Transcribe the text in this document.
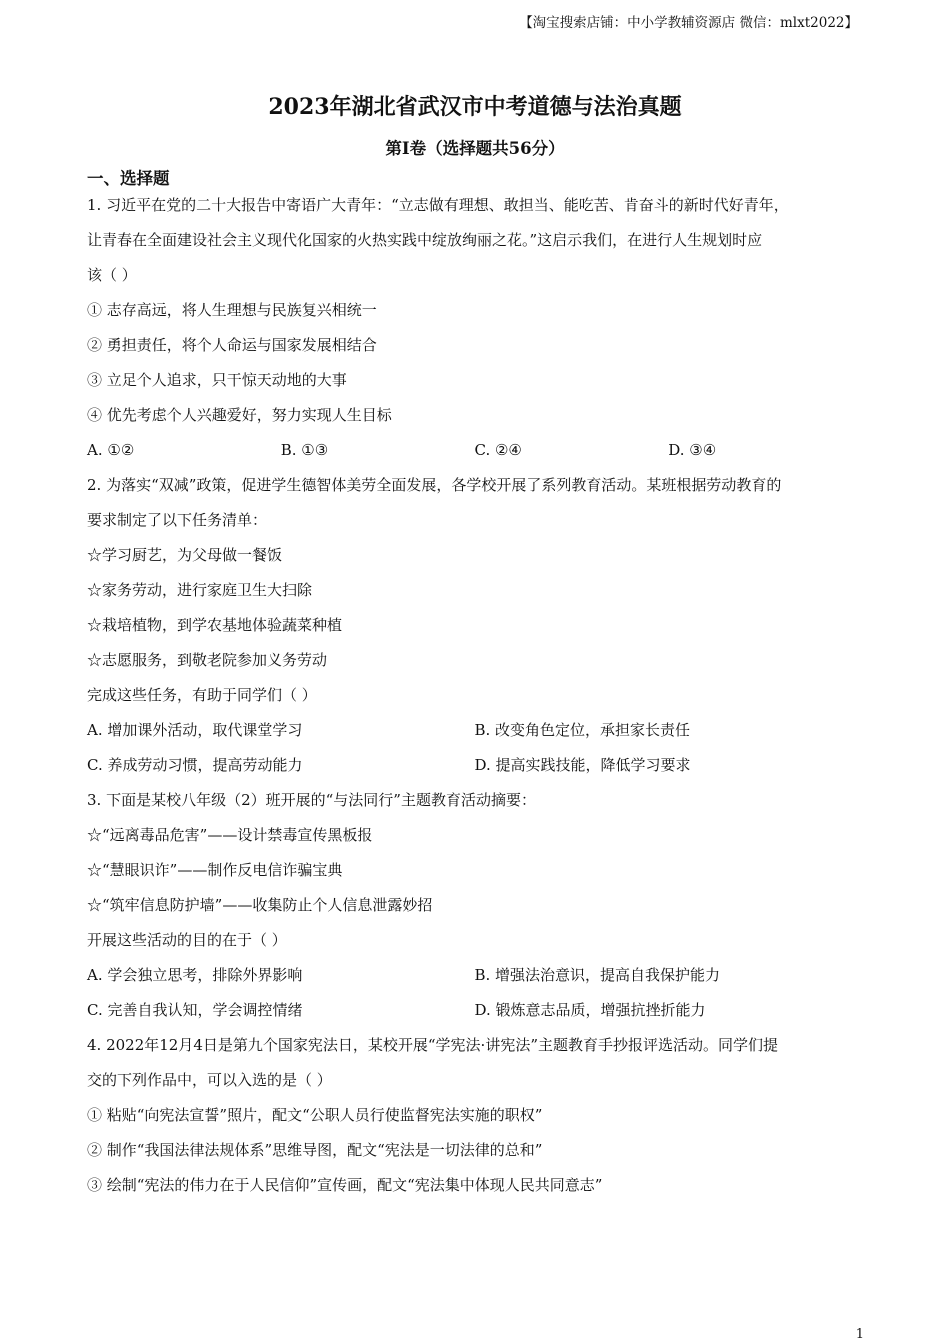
【淘宝搜索店铺：中小学教辅资源店 微信：mlxt2022】
2023年湖北省武汉市中考道德与法治真题
第I卷（选择题共56分）
一、选择题
1. 习近平在党的二十大报告中寄语广大青年：“立志做有理想、敢担当、能吃苦、肯奋斗的新时代好青年，
让青春在全面建设社会主义现代化国家的火热实践中绽放绚丽之花。”这启示我们，在进行人生规划时应
该（ ）
① 志存高远，将人生理想与民族复兴相统一
② 勇担责任，将个人命运与国家发展相结合
③ 立足个人追求，只干惊天动地的大事
④ 优先考虑个人兴趣爱好，努力实现人生目标
A. ①②	B. ①③	C. ②④	D. ③④
2. 为落实“双减”政策，促进学生德智体美劳全面发展，各学校开展了系列教育活动。某班根据劳动教育的
要求制定了以下任务清单：
☆学习厨艺，为父母做一餐饭
☆家务劳动，进行家庭卫生大扫除
☆栽培植物，到学农基地体验蔬菜种植
☆志愿服务，到敬老院参加义务劳动
完成这些任务，有助于同学们（ ）
A. 增加课外活动，取代课堂学习	B. 改变角色定位，承担家长责任
C. 养成劳动习惯，提高劳动能力	D. 提高实践技能，降低学习要求
3. 下面是某校八年级（2）班开展的“与法同行”主题教育活动摘要：
☆“远离毒品危害”——设计禁毒宣传黑板报
☆“慧眼识诈”——制作反电信诈骗宝典
☆“筑牢信息防护墙”——收集防止个人信息泄露妙招
开展这些活动的目的在于（ ）
A. 学会独立思考，排除外界影响	B. 增强法治意识，提高自我保护能力
C. 完善自我认知，学会调控情绪	D. 锻炼意志品质，增强抗挫折能力
4. 2022年12月4日是第九个国家宪法日，某校开展“学宪法·讲宪法”主题教育手抄报评选活动。同学们提
交的下列作品中，可以入选的是（ ）
① 粘贴“向宪法宣誓”照片，配文“公职人员行使监督宪法实施的职权”
② 制作“我国法律法规体系”思维导图，配文“宪法是一切法律的总和”
③ 绘制“宪法的伟力在于人民信仰”宣传画，配文“宪法集中体现人民共同意志”
1
